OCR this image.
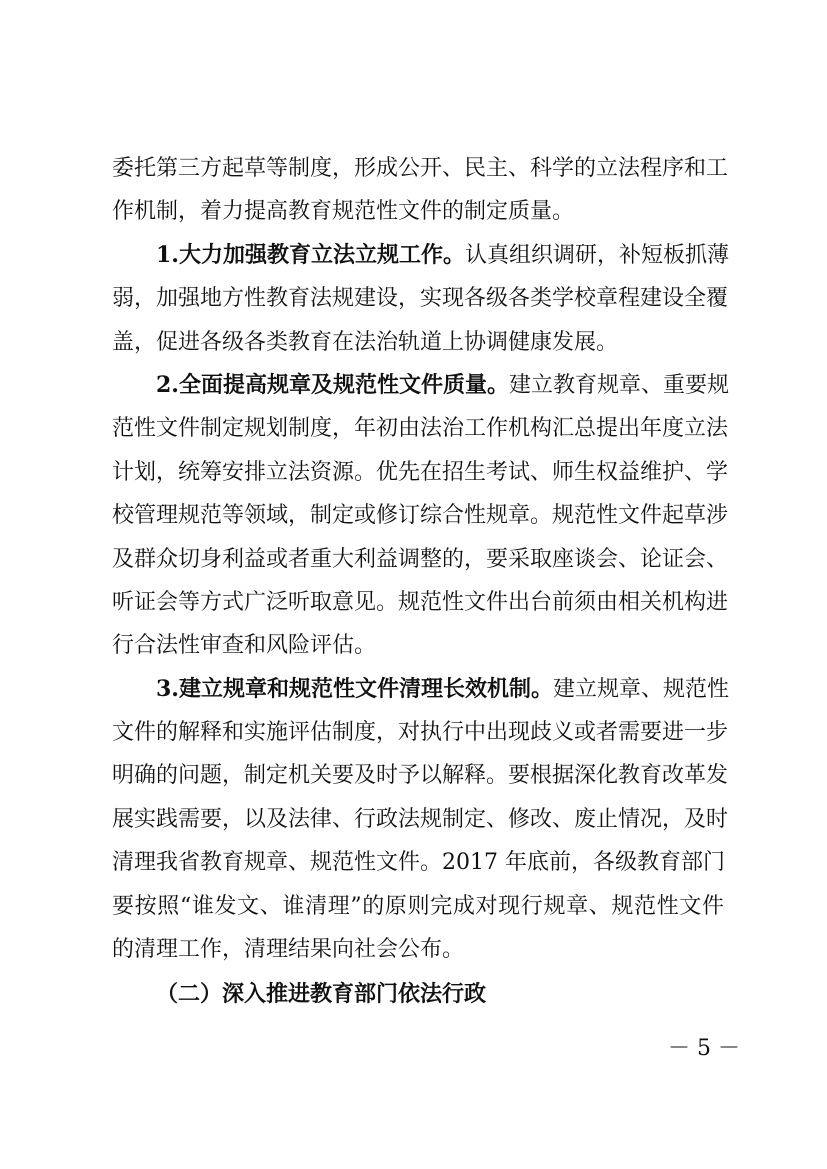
委托第三方起草等制度，形成公开、民主、科学的立法程序和工
作机制，着力提高教育规范性文件的制定质量。
1.大力加强教育立法立规工作。认真组织调研，补短板抓薄
弱，加强地方性教育法规建设，实现各级各类学校章程建设全覆
盖，促进各级各类教育在法治轨道上协调健康发展。
2.全面提高规章及规范性文件质量。建立教育规章、重要规
范性文件制定规划制度，年初由法治工作机构汇总提出年度立法
计划，统筹安排立法资源。优先在招生考试、师生权益维护、学
校管理规范等领域，制定或修订综合性规章。规范性文件起草涉
及群众切身利益或者重大利益调整的，要采取座谈会、论证会、
听证会等方式广泛听取意见。规范性文件出台前须由相关机构进
行合法性审查和风险评估。
3.建立规章和规范性文件清理长效机制。建立规章、规范性
文件的解释和实施评估制度，对执行中出现歧义或者需要进一步
明确的问题，制定机关要及时予以解释。要根据深化教育改革发
展实践需要，以及法律、行政法规制定、修改、废止情况，及时
清理我省教育规章、规范性文件。2017 年底前，各级教育部门
要按照“谁发文、谁清理”的原则完成对现行规章、规范性文件
的清理工作，清理结果向社会公布。
（二）深入推进教育部门依法行政
－ 5 －
